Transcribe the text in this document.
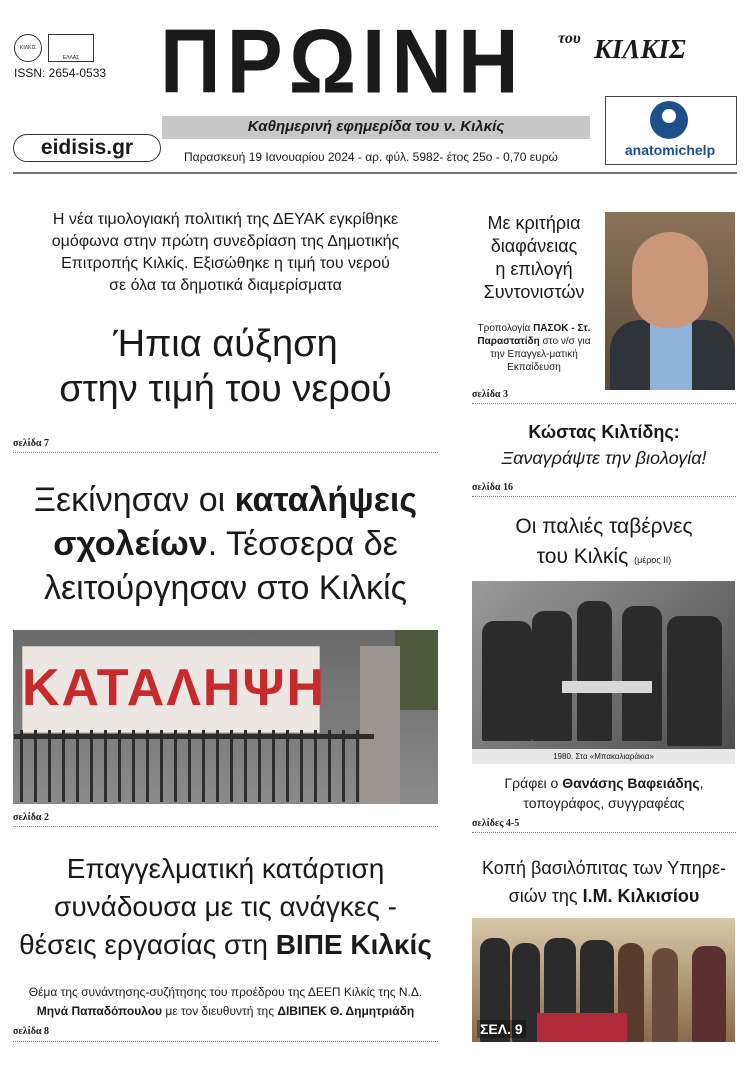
ΚΙΛΚΙΣ
ΕΛΛΑΣ
ISSN: 2654-0533 ΠΡΩΙΝΗ	του ΚΙΛΚΙΣ
Καθημερινή εφημερίδα του ν. Κιλκίς
eidisis.gr	Παρασκευή 19 Ιανουαρίου 2024 - αρ. φύλ. 5982- έτος 25ο - 0,70 ευρώ	anatomichelp
Η νέα τιμολογιακή πολιτική της ΔΕΥΑΚ εγκρίθηκε
ομόφωνα στην πρώτη συνεδρίαση της Δημοτικής
Επιτροπής Κιλκίς. Εξισώθηκε η τιμή του νερού
σε όλα τα δημοτικά διαμερίσματα
Ήπια αύξηση
στην τιμή του νερού
σελίδα 7
Ξεκίνησαν οι καταλήψεις
σχολείων. Τέσσερα δε
λειτούργησαν στο Κιλκίς
ΚΑΤΑΛΗΨΗ
σελίδα 2
Επαγγελματική κατάρτιση
συνάδουσα με τις ανάγκες -
θέσεις εργασίας στη ΒΙΠΕ Κιλκίς
Θέμα της συνάντησης-συζήτησης του προέδρου της ΔΕΕΠ Κιλκίς της Ν.Δ.
Μηνά Παπαδόπουλου με τον διευθυντή της ΔΙΒΙΠΕΚ Θ. Δημητριάδη
σελίδα 8
Με κριτήρια
διαφάνειας
η επιλογή
Συντονιστών
Τροπολογία ΠΑΣΟΚ - Στ. Παραστατίδη στο ν/σ για την Επαγγελ-ματική Εκπαίδευση
σελίδα 3
Κώστας Κιλτίδης:
Ξαναγράψτε την βιολογία!
σελίδα 16
Οι παλιές ταβέρνες
του Κιλκίς (μέρος ΙΙ)
1980. Στα «Μπακαλιαράκια»
Γράφει ο Θανάσης Βαφειάδης,
τοπογράφος, συγγραφέας
σελίδες 4-5
Κοπή βασιλόπιτας των Υπηρε-
σιών της Ι.Μ. Κιλκισίου
ΣΕΛ. 9
